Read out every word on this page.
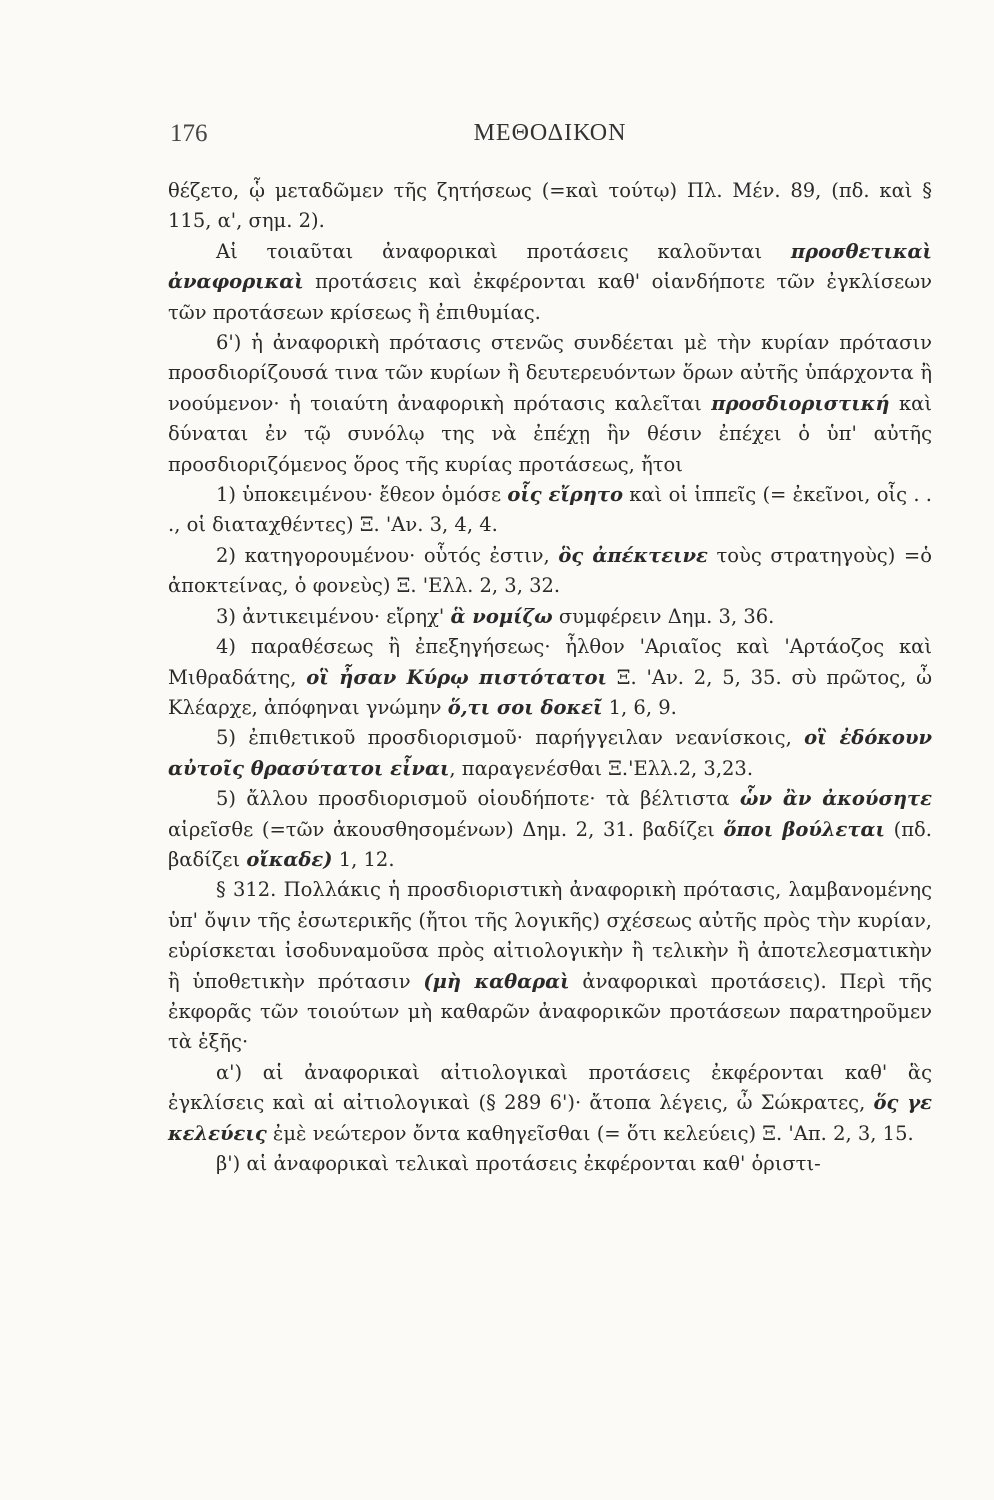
176	ΜΕΘΟΔΙΚΟΝ

θέζετο, ᾧ μεταδῶμεν τῆς ζητήσεως (=καὶ τούτῳ) Πλ. Μέν. 89, (πδ. καὶ § 115, α', σημ. 2).

Αἱ τοιαῦται ἀναφορικαὶ προτάσεις καλοῦνται προσθετικαὶ ἀναφορικαὶ προτάσεις καὶ ἐκφέρονται καθ' οἱανδήποτε τῶν ἐγκλίσεων τῶν προτάσεων κρίσεως ἢ ἐπιθυμίας.

6') ἡ ἀναφορικὴ πρότασις στενῶς συνδέεται μὲ τὴν κυρίαν πρότασιν προσδιορίζουσά τινα τῶν κυρίων ἢ δευτερευόντων ὅρων αὐτῆς ὑπάρχοντα ἢ νοούμενον· ἡ τοιαύτη ἀναφορικὴ πρότασις καλεῖται προσδιοριστική καὶ δύναται ἐν τῷ συνόλῳ της νὰ ἐπέχῃ ἣν θέσιν ἐπέχει ὁ ὑπ' αὐτῆς προσδιοριζόμενος ὅρος τῆς κυρίας προτάσεως, ἤτοι

1) ὑποκειμένου· ἔθεον ὁμόσε οἷς εἴρητο καὶ οἱ ἱππεῖς (= ἐκεῖνοι, οἷς . . ., οἱ διαταχθέντες) Ξ. 'Αν. 3, 4, 4.

2) κατηγορουμένου· οὗτός ἐστιν, ὃς ἀπέκτεινε τοὺς στρατηγοὺς) =ὁ ἀποκτείνας, ὁ φονεὺς) Ξ. 'Ελλ. 2, 3, 32.

3) ἀντικειμένου· εἴρηχ' ἃ νομίζω συμφέρειν Δημ. 3, 36.

4) παραθέσεως ἢ ἐπεξηγήσεως· ἦλθον 'Αριαῖος καὶ 'Αρτάοζος καὶ Μιθραδάτης, οἳ ἦσαν Κύρῳ πιστότατοι Ξ. 'Αν. 2, 5, 35. σὺ πρῶτος, ὦ Κλέαρχε, ἀπόφηναι γνώμην ὅ,τι σοι δοκεῖ 1, 6, 9.

5) ἐπιθετικοῦ προσδιορισμοῦ· παρήγγειλαν νεανίσκοις, οἳ ἐδόκουν αὐτοῖς θρασύτατοι εἶναι, παραγενέσθαι Ξ.'Ελλ.2, 3,23.

5) ἄλλου προσδιορισμοῦ οἱουδήποτε· τὰ βέλτιστα ὧν ἂν ἀκούσητε αἱρεῖσθε (=τῶν ἀκουσθησομένων) Δημ. 2, 31. βαδίζει ὅποι βούλεται (πδ. βαδίζει οἴκαδε) 1, 12.

§ 312. Πολλάκις ἡ προσδιοριστικὴ ἀναφορικὴ πρότασις, λαμβανομένης ὑπ' ὄψιν τῆς ἐσωτερικῆς (ἤτοι τῆς λογικῆς) σχέσεως αὐτῆς πρὸς τὴν κυρίαν, εὑρίσκεται ἰσοδυναμοῦσα πρὸς αἰτιολογικὴν ἢ τελικὴν ἢ ἀποτελεσματικὴν ἢ ὑποθετικὴν πρότασιν (μὴ καθαραὶ ἀναφορικαὶ προτάσεις). Περὶ τῆς ἐκφορᾶς τῶν τοιούτων μὴ καθαρῶν ἀναφορικῶν προτάσεων παρατηροῦμεν τὰ ἑξῆς·

α') αἱ ἀναφορικαὶ αἰτιολογικαὶ προτάσεις ἐκφέρονται καθ' ἃς ἐγκλίσεις καὶ αἱ αἰτιολογικαὶ (§ 289 6')· ἄτοπα λέγεις, ὦ Σώκρατες, ὅς γε κελεύεις ἐμὲ νεώτερον ὄντα καθηγεῖσθαι (= ὅτι κελεύεις) Ξ. 'Απ. 2, 3, 15.

β') αἱ ἀναφορικαὶ τελικαὶ προτάσεις ἐκφέρονται καθ' ὁριστι-
